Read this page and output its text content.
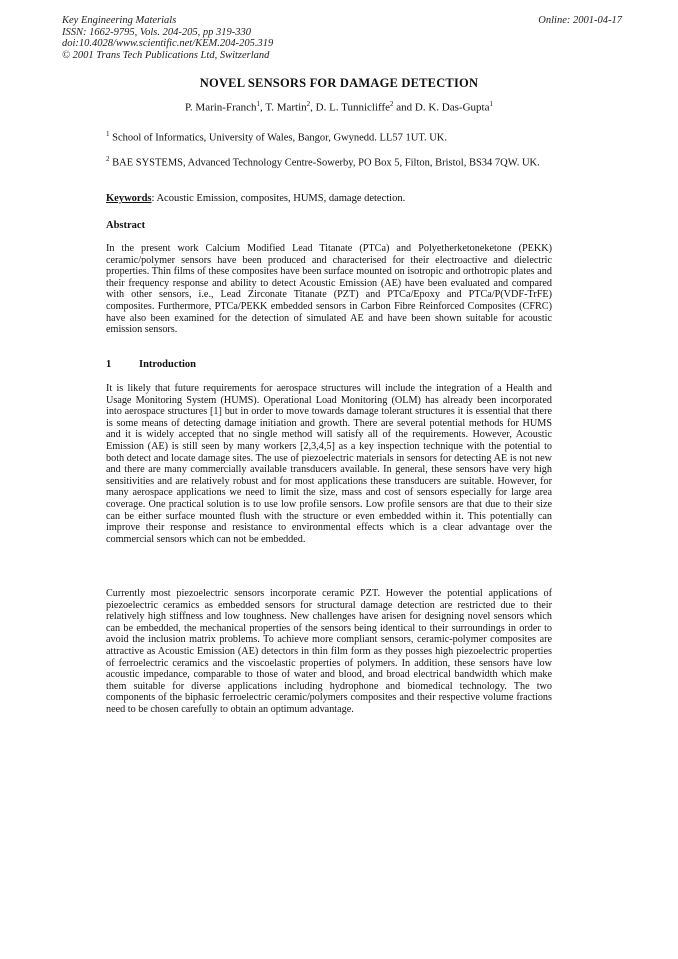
Key Engineering Materials
ISSN: 1662-9795, Vols. 204-205, pp 319-330
doi:10.4028/www.scientific.net/KEM.204-205.319
© 2001 Trans Tech Publications Ltd, Switzerland
Online: 2001-04-17
NOVEL SENSORS FOR DAMAGE DETECTION
P. Marin-Franch$^1$, T. Martin$^2$, D. L. Tunnicliffe$^2$ and D. K. Das-Gupta$^1$
$^1$ School of Informatics, University of Wales, Bangor, Gwynedd. LL57 1UT. UK.
$^2$ BAE SYSTEMS, Advanced Technology Centre-Sowerby, PO Box 5, Filton, Bristol, BS34 7QW. UK.
Keywords: Acoustic Emission, composites, HUMS, damage detection.
Abstract

In the present work Calcium Modified Lead Titanate (PTCa) and Polyetherketoneketone (PEKK) ceramic/polymer sensors have been produced and characterised for their electroactive and dielectric properties. Thin films of these composites have been surface mounted on isotropic and orthotropic plates and their frequency response and ability to detect Acoustic Emission (AE) have been evaluated and compared with other sensors, i.e., Lead Zirconate Titanate (PZT) and PTCa/Epoxy and PTCa/P(VDF-TrFE) composites. Furthermore, PTCa/PEKK embedded sensors in Carbon Fibre Reinforced Composites (CFRC) have also been examined for the detection of simulated AE and have been shown suitable for acoustic emission sensors.

1	Introduction

It is likely that future requirements for aerospace structures will include the integration of a Health and Usage Monitoring System (HUMS). Operational Load Monitoring (OLM) has already been incorporated into aerospace structures [1] but in order to move towards damage tolerant structures it is essential that there is some means of detecting damage initiation and growth. There are several potential methods for HUMS and it is widely accepted that no single method will satisfy all of the requirements. However, Acoustic Emission (AE) is still seen by many workers [2,3,4,5] as a key inspection technique with the potential to both detect and locate damage sites. The use of piezoelectric materials in sensors for detecting AE is not new and there are many commercially available transducers available. In general, these sensors have very high sensitivities and are relatively robust and for most applications these transducers are suitable. However, for many aerospace applications we need to limit the size, mass and cost of sensors especially for large area coverage. One practical solution is to use low profile sensors. Low profile sensors are that due to their size can be either surface mounted flush with the structure or even embedded within it. This potentially can improve their response and resistance to environmental effects which is a clear advantage over the commercial sensors which can not be embedded.

Currently most piezoelectric sensors incorporate ceramic PZT. However the potential applications of piezoelectric ceramics as embedded sensors for structural damage detection are restricted due to their relatively high stiffness and low toughness. New challenges have arisen for designing novel sensors which can be embedded, the mechanical properties of the sensors being identical to their surroundings in order to avoid the inclusion matrix problems. To achieve more compliant sensors, ceramic-polymer composites are attractive as Acoustic Emission (AE) detectors in thin film form as they posses high piezoelectric properties of ferroelectric ceramics and the viscoelastic properties of polymers. In addition, these sensors have low acoustic impedance, comparable to those of water and blood, and broad electrical bandwidth which make them suitable for diverse applications including hydrophone and biomedical technology. The two components of the biphasic ferroelectric ceramic/polymers composites and their respective volume fractions need to be chosen carefully to obtain an optimum advantage.
